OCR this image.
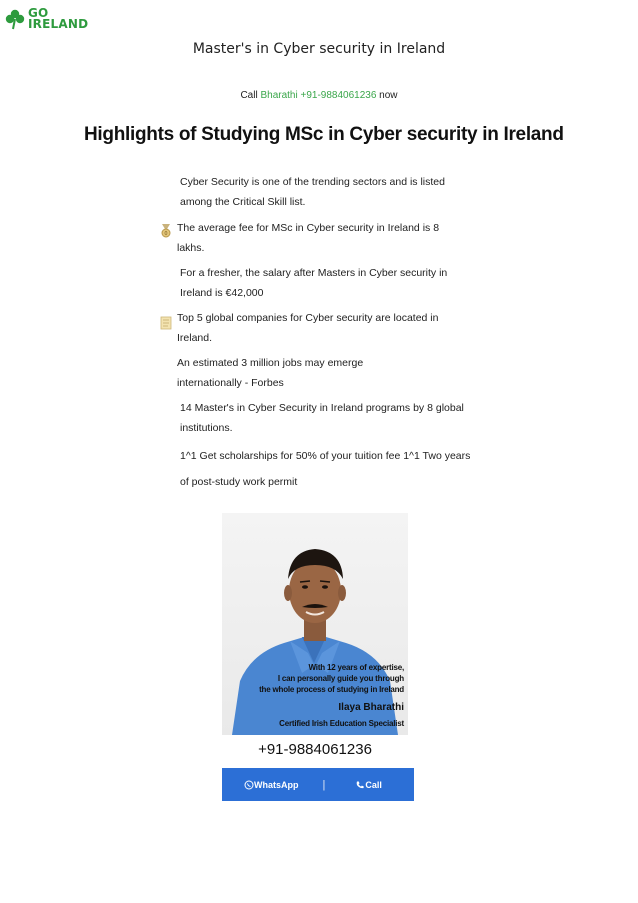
GO
IRELAND
Master's in Cyber security in Ireland
Call Bharathi +91-9884061236 now
Highlights of Studying MSc in Cyber security in Ireland
Cyber Security is one of the trending sectors and is listed
among the Critical Skill list.
0 The average fee for MSc in Cyber security in Ireland is 8
lakhs.
For a fresher, the salary after Masters in Cyber security in
Ireland is €42,000
Top 5 global companies for Cyber security are located in
Ireland.
An estimated 3 million jobs may emerge
internationally - Forbes
14 Master's in Cyber Security in Ireland programs by 8 global
institutions.
1^1 Get scholarships for 50% of your tuition fee 1^1 Two years
of post-study work permit
With 12 years of expertise,
I can personally guide you through
the whole process of studying in Ireland
Ilaya Bharathi
Certified Irish Education Specialist
+91-9884061236
WhatsApp |	Call
